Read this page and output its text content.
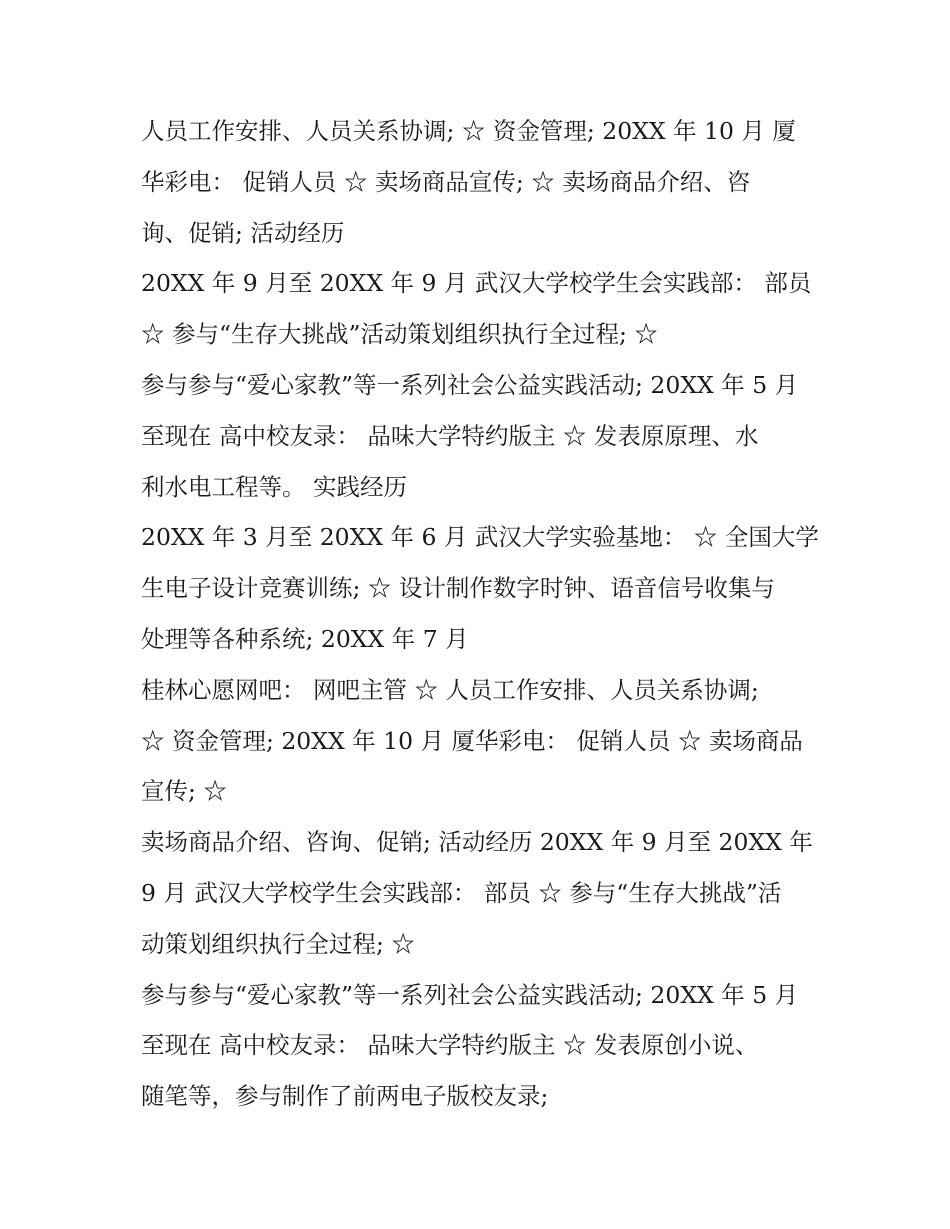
人员工作安排、人员关系协调; ☆ 资金管理; 20XX 年 10 月 厦
华彩电： 促销人员 ☆ 卖场商品宣传; ☆ 卖场商品介绍、咨
询、促销; 活动经历
20XX 年 9 月至 20XX 年 9 月 武汉大学校学生会实践部： 部员
☆ 参与“生存大挑战”活动策划组织执行全过程; ☆
参与参与“爱心家教”等一系列社会公益实践活动; 20XX 年 5 月
至现在 高中校友录： 品味大学特约版主 ☆ 发表原原理、水
利水电工程等。 实践经历
20XX 年 3 月至 20XX 年 6 月 武汉大学实验基地： ☆ 全国大学
生电子设计竞赛训练; ☆ 设计制作数字时钟、语音信号收集与
处理等各种系统; 20XX 年 7 月
桂林心愿网吧： 网吧主管 ☆ 人员工作安排、人员关系协调;
☆ 资金管理; 20XX 年 10 月 厦华彩电： 促销人员 ☆ 卖场商品
宣传; ☆
卖场商品介绍、咨询、促销; 活动经历 20XX 年 9 月至 20XX 年
9 月 武汉大学校学生会实践部： 部员 ☆ 参与“生存大挑战”活
动策划组织执行全过程; ☆
参与参与“爱心家教”等一系列社会公益实践活动; 20XX 年 5 月
至现在 高中校友录： 品味大学特约版主 ☆ 发表原创小说、
随笔等，参与制作了前两电子版校友录;
